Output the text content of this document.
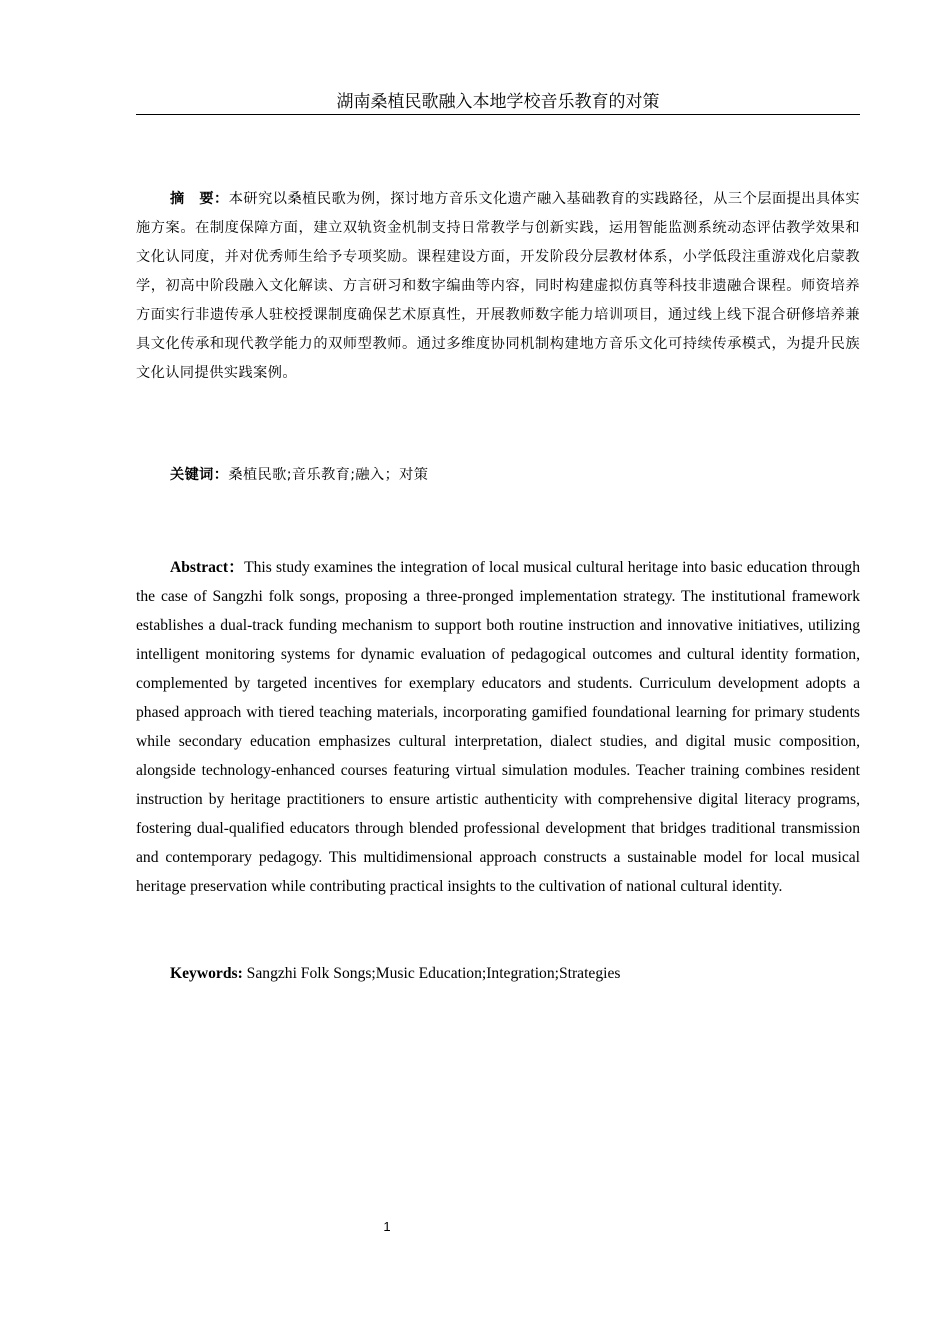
湖南桑植民歌融入本地学校音乐教育的对策
摘　要：本研究以桑植民歌为例，探讨地方音乐文化遗产融入基础教育的实践路径，从三个层面提出具体实施方案。在制度保障方面，建立双轨资金机制支持日常教学与创新实践，运用智能监测系统动态评估教学效果和文化认同度，并对优秀师生给予专项奖励。课程建设方面，开发阶段分层教材体系，小学低段注重游戏化启蒙教学，初高中阶段融入文化解读、方言研习和数字编曲等内容，同时构建虚拟仿真等科技非遗融合课程。师资培养方面实行非遗传承人驻校授课制度确保艺术原真性，开展教师数字能力培训项目，通过线上线下混合研修培养兼具文化传承和现代教学能力的双师型教师。通过多维度协同机制构建地方音乐文化可持续传承模式，为提升民族文化认同提供实践案例。
关键词：桑植民歌;音乐教育;融入；对策
Abstract：This study examines the integration of local musical cultural heritage into basic education through the case of Sangzhi folk songs, proposing a three-pronged implementation strategy. The institutional framework establishes a dual-track funding mechanism to support both routine instruction and innovative initiatives, utilizing intelligent monitoring systems for dynamic evaluation of pedagogical outcomes and cultural identity formation, complemented by targeted incentives for exemplary educators and students. Curriculum development adopts a phased approach with tiered teaching materials, incorporating gamified foundational learning for primary students while secondary education emphasizes cultural interpretation, dialect studies, and digital music composition, alongside technology-enhanced courses featuring virtual simulation modules. Teacher training combines resident instruction by heritage practitioners to ensure artistic authenticity with comprehensive digital literacy programs, fostering dual-qualified educators through blended professional development that bridges traditional transmission and contemporary pedagogy. This multidimensional approach constructs a sustainable model for local musical heritage preservation while contributing practical insights to the cultivation of national cultural identity.
Keywords: Sangzhi Folk Songs;Music Education;Integration;Strategies
1
